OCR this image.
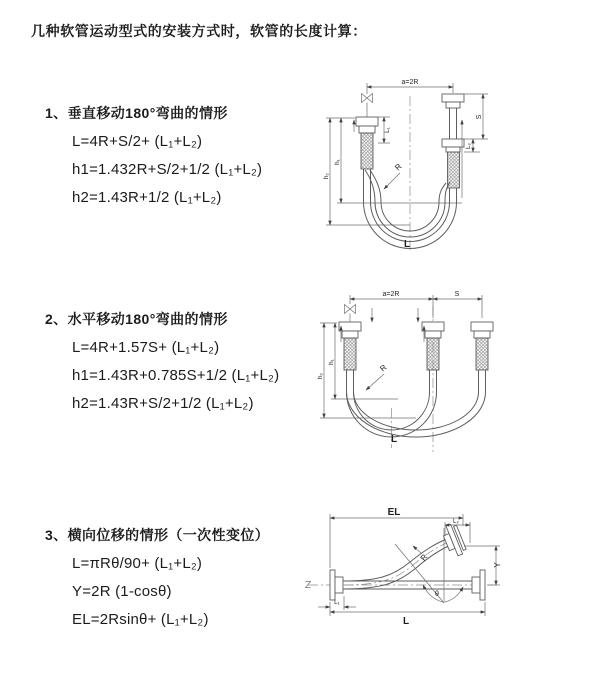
几种软管运动型式的安装方式时，软管的长度计算：
1、垂直移动180°弯曲的情形
L=4R+S/2+ (L₁+L₂)
h1=1.432R+S/2+1/2 (L₁+L₂)
h2=1.43R+1/2 (L₁+L₂)
a=2R
L₁
h₁
h₂
S
L₂
R
L
2、水平移动180°弯曲的情形
L=4R+1.57S+ (L₁+L₂)
h1=1.43R+0.785S+1/2 (L₁+L₂)
h2=1.43R+S/2+1/2 (L₁+L₂)
a=2R	S
h₁
h₂
R
L
3、横向位移的情形（一次性变位）
L=πRθ/90+ (L₁+L₂)
Y=2R (1-cosθ)
EL=2Rsinθ+ (L₁+L₂)
EL
L₂
Y
L
L₁
θ
R
